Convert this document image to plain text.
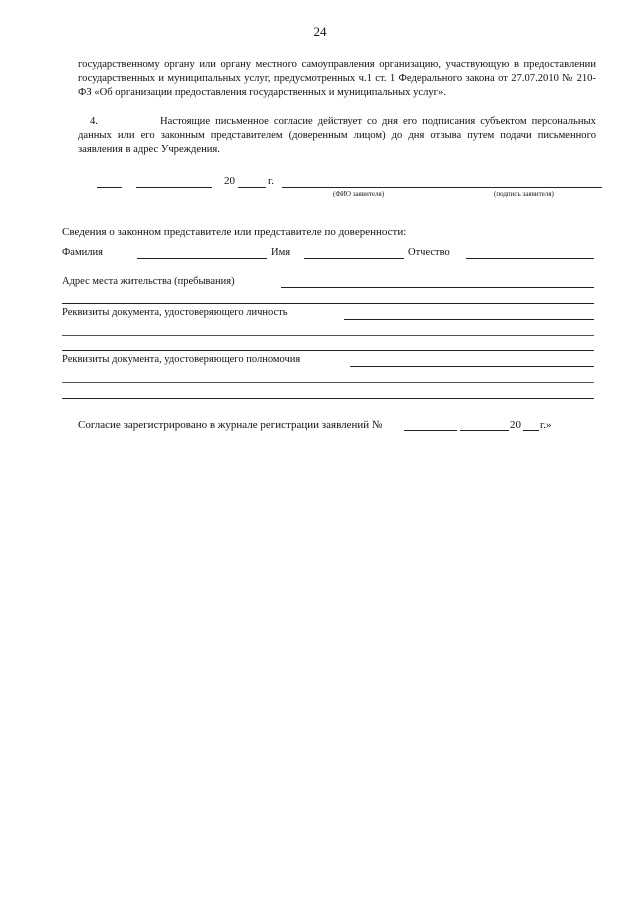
24
государственному органу или органу местного самоуправления организацию, участвующую в предоставлении государственных и муниципальных услуг, предусмотренных ч.1 ст. 1 Федерального закона от 27.07.2010 № 210-ФЗ «Об организации предоставления государственных и муниципальных услуг».
4.	Настоящие письменное согласие действует со дня его подписания субъектом персональных данных или его законным представителем (доверенным лицом) до дня отзыва путем подачи письменного заявления в адрес Учреждения.
20	г.
(ФИО заявителя)	(подпись заявителя)
Сведения о законном представителе или представителе по доверенности:
Фамилия	Имя	Отчество
Адрес места жительства (пребывания)
Реквизиты документа, удостоверяющего личность
Реквизиты документа, удостоверяющего полномочия
Согласие зарегистрировано в журнале регистрации заявлений №	20 г.»
